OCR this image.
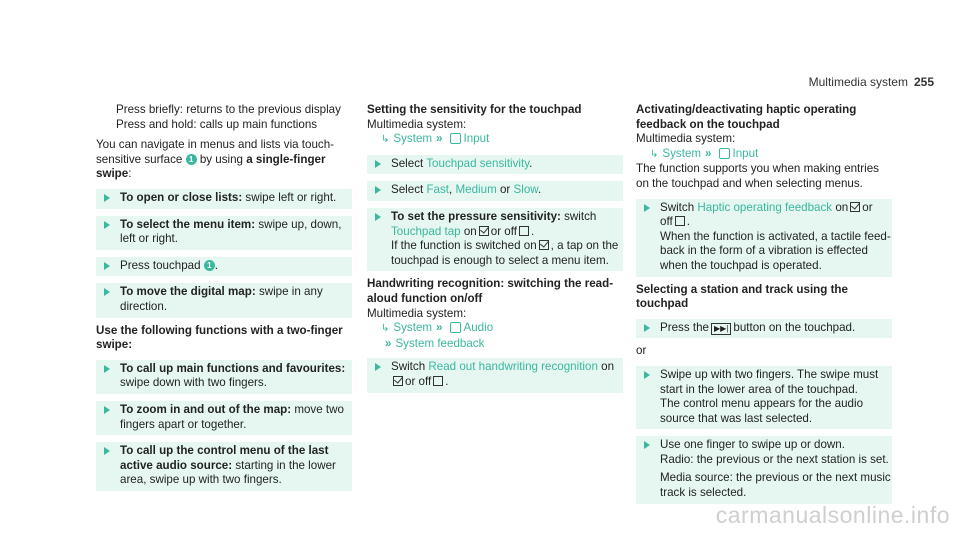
Multimedia system 255

Press briefly: returns to the previous display

Press and hold: calls up main functions

You can navigate in menus and lists via touch-sensitive surface 1 by using a single-finger swipe:

To open or close lists: swipe left or right.
To select the menu item: swipe up, down, left or right.
Press touchpad 1 .
To move the digital map: swipe in any direction.

Use the following functions with a two-finger swipe:

To call up main functions and favourites: swipe down with two fingers.
To zoom in and out of the map: move two fingers apart or together.
To call up the control menu of the last active audio source: starting in the lower area, swipe up with two fingers.

Setting the sensitivity for the touchpad

Multimedia system:

↳ System » Input

Select Touchpad sensitivity.
Select Fast, Medium or Slow.
To set the pressure sensitivity: switch Touchpad tap on or off .
If the function is switched on , a tap on the touchpad is enough to select a menu item.

Handwriting recognition: switching the read-aloud function on/off

Multimedia system:

↳ System » Audio

» System feedback

Switch Read out handwriting recognition on
or off .

Activating/deactivating haptic operating feedback on the touchpad

Multimedia system:

↳ System » Input

The function supports you when making entries on the touchpad and when selecting menus.

Switch Haptic operating feedback on or
off .
When the function is activated, a tactile feed-back in the form of a vibration is effected when the touchpad is operated.

Selecting a station and track using the touchpad

Press the ▶▶| button on the touchpad.

or

Swipe up with two fingers. The swipe must start in the lower area of the touchpad.
The control menu appears for the audio source that was last selected.
Use one finger to swipe up or down.
Radio: the previous or the next station is set.

Media source: the previous or the next music track is selected.
carmanualsonline.info
